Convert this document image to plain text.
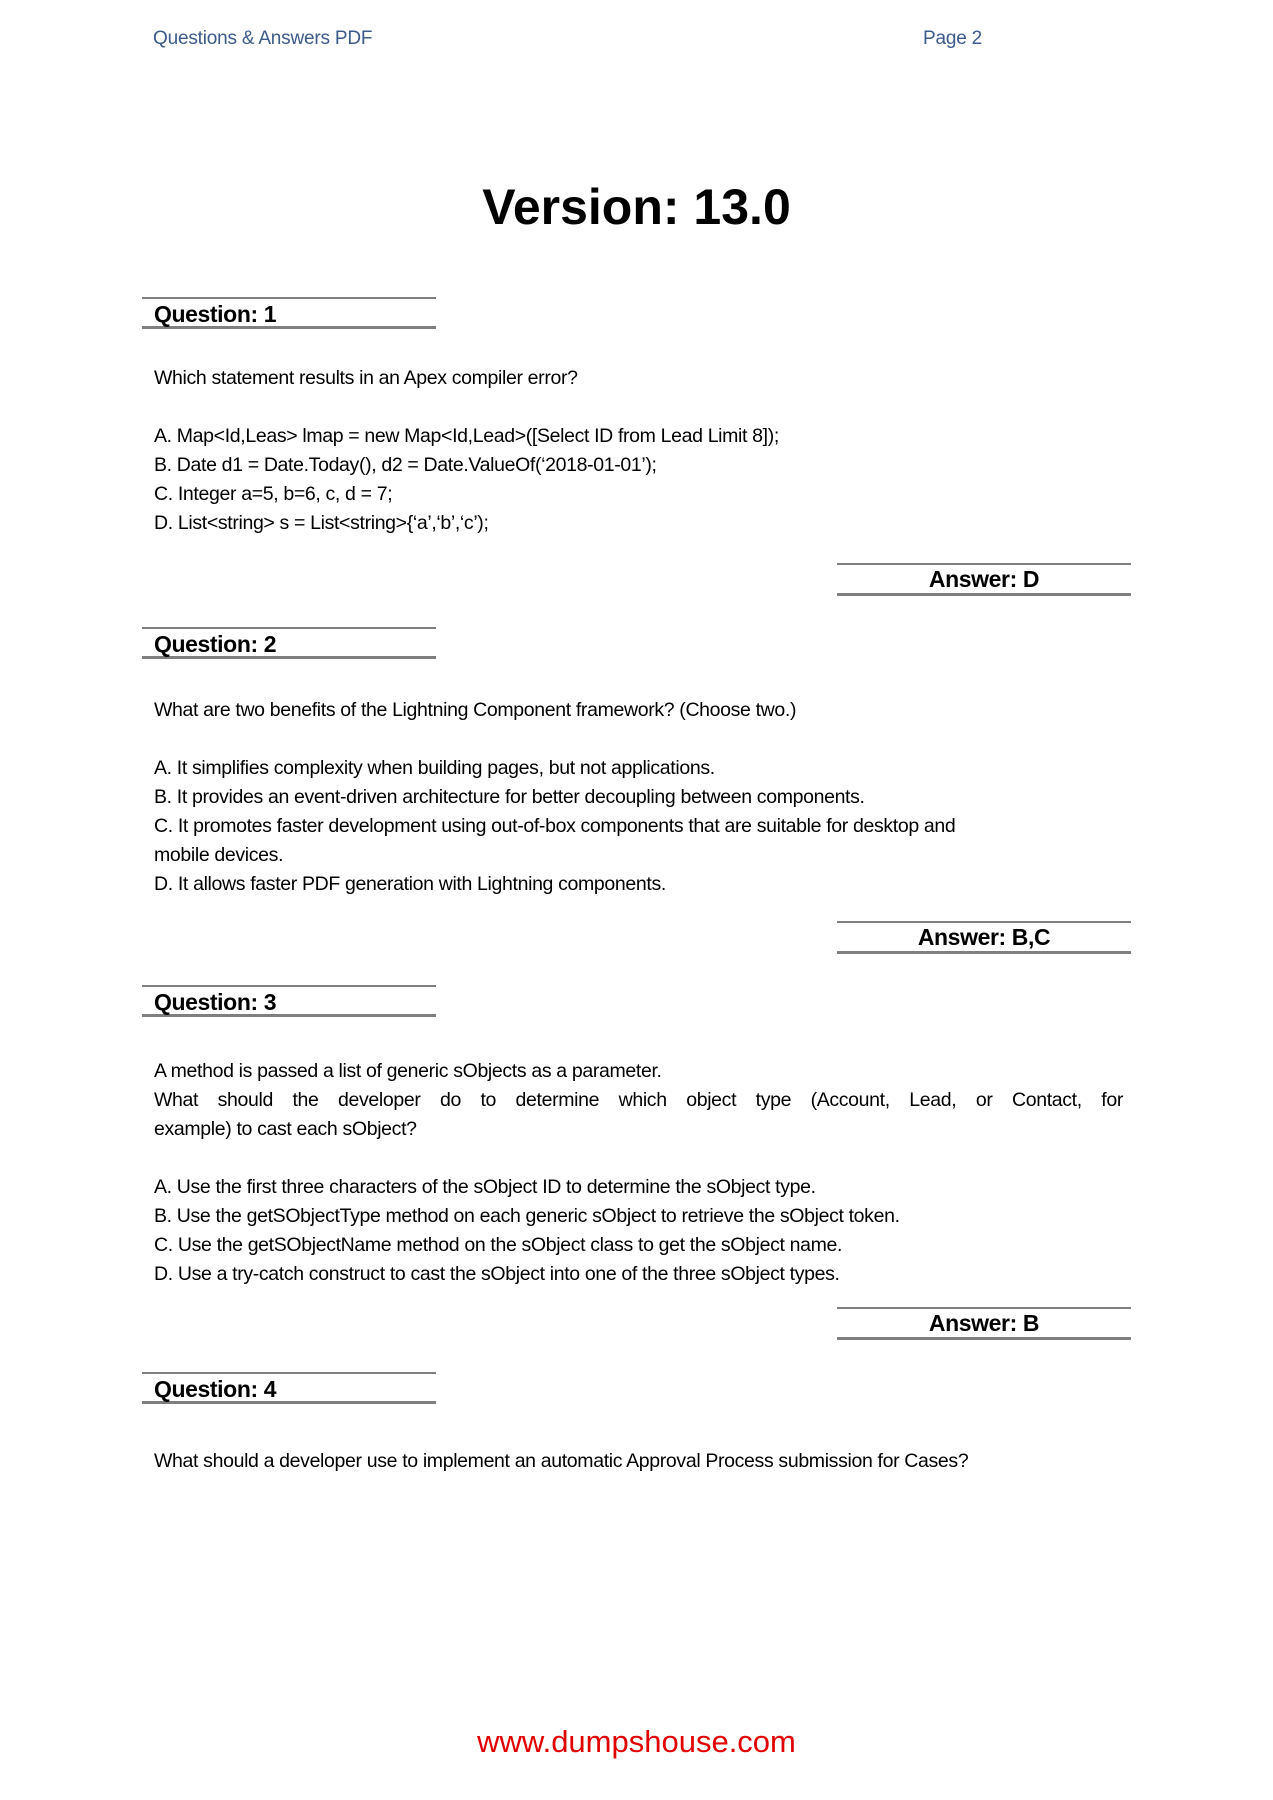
Questions & Answers PDF	Page 2
Version: 13.0
Question: 1
Which statement results in an Apex compiler error?
A. Map<Id,Leas> lmap = new Map<Id,Lead>([Select ID from Lead Limit 8]);
B. Date d1 = Date.Today(), d2 = Date.ValueOf(‘2018-01-01’);
C. Integer a=5, b=6, c, d = 7;
D. List<string> s = List<string>{‘a’,‘b’,‘c’);
Answer: D
Question: 2
What are two benefits of the Lightning Component framework? (Choose two.)
A. It simplifies complexity when building pages, but not applications.
B. It provides an event-driven architecture for better decoupling between components.
C. It promotes faster development using out-of-box components that are suitable for desktop and
mobile devices.
D. It allows faster PDF generation with Lightning components.
Answer: B,C
Question: 3
A method is passed a list of generic sObjects as a parameter.
What should the developer do to determine which object type (Account, Lead, or Contact, for
example) to cast each sObject?
A. Use the first three characters of the sObject ID to determine the sObject type.
B. Use the getSObjectType method on each generic sObject to retrieve the sObject token.
C. Use the getSObjectName method on the sObject class to get the sObject name.
D. Use a try-catch construct to cast the sObject into one of the three sObject types.
Answer: B
Question: 4
What should a developer use to implement an automatic Approval Process submission for Cases?
www.dumpshouse.com
